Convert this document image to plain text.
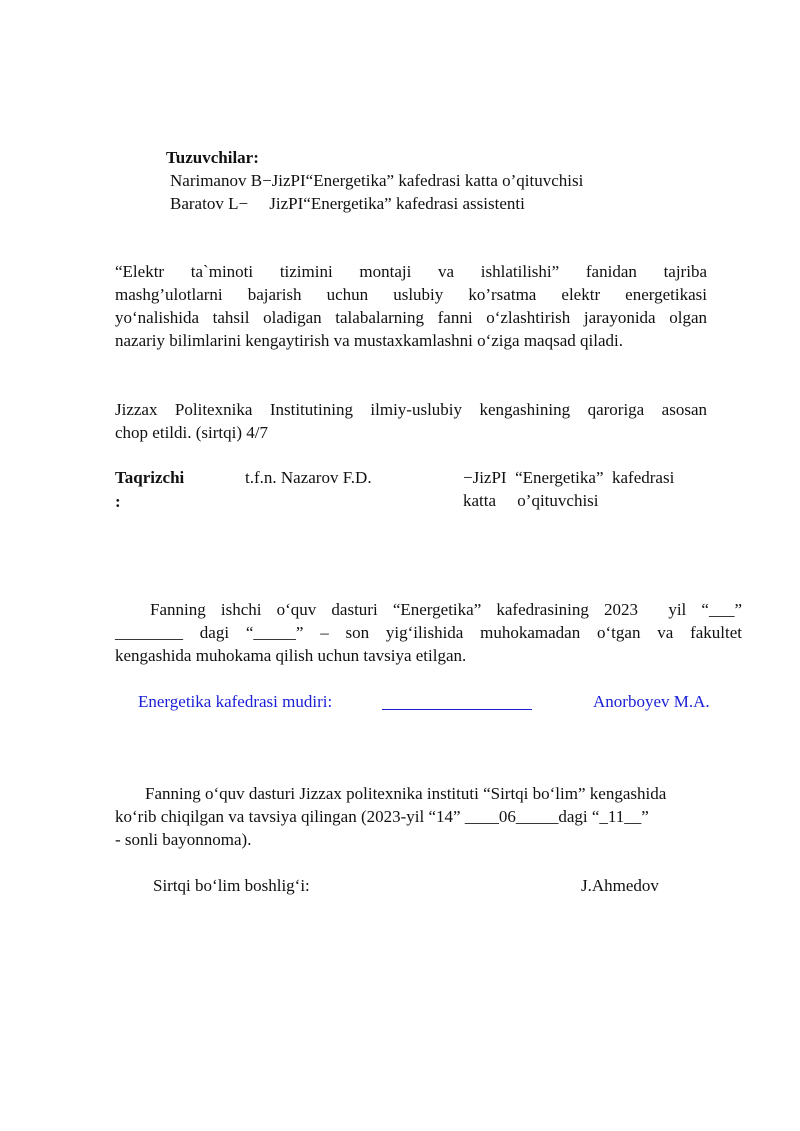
Tuzuvchilar:
Narimanov B−JizPI“Energetika” kafedrasi katta o’qituvchisi
Baratov L−     JizPI“Energetika” kafedrasi assistenti
“Elektr ta`minoti tizimini montaji va ishlatilishi” fanidan tajriba
mashg’ulotlarni bajarish uchun uslubiy ko’rsatma elektr energetikasi
yo‘nalishida tahsil oladigan talabalarning fanni o‘zlashtirish jarayonida olgan
nazariy bilimlarini kengaytirish va mustaxkamlashni o‘ziga maqsad qiladi.
Jizzax Politexnika Institutining ilmiy-uslubiy kengashining qaroriga asosan
chop etildi. (sirtqi) 4/7
Taqrizchi
:
t.f.n. Nazarov F.D.	−JizPI  “Energetika”  kafedrasi
katta     o’qituvchisi
Fanning ishchi o‘quv dasturi “Energetika” kafedrasining 2023  yil “___”
________ dagi “_____” – son yig‘ilishida muhokamadan o‘tgan va fakultet
kengashida muhokama qilish uchun tavsiya etilgan.
Energetika kafedrasi mudiri:	Anorboyev M.A.
Fanning o‘quv dasturi Jizzax politexnika instituti “Sirtqi bo‘lim” kengashida
ko‘rib chiqilgan va tavsiya qilingan (2023-yil “14” ____06_____dagi “_11__”
- sonli bayonnoma).
Sirtqi bo‘lim boshlig‘i:	J.Ahmedov
